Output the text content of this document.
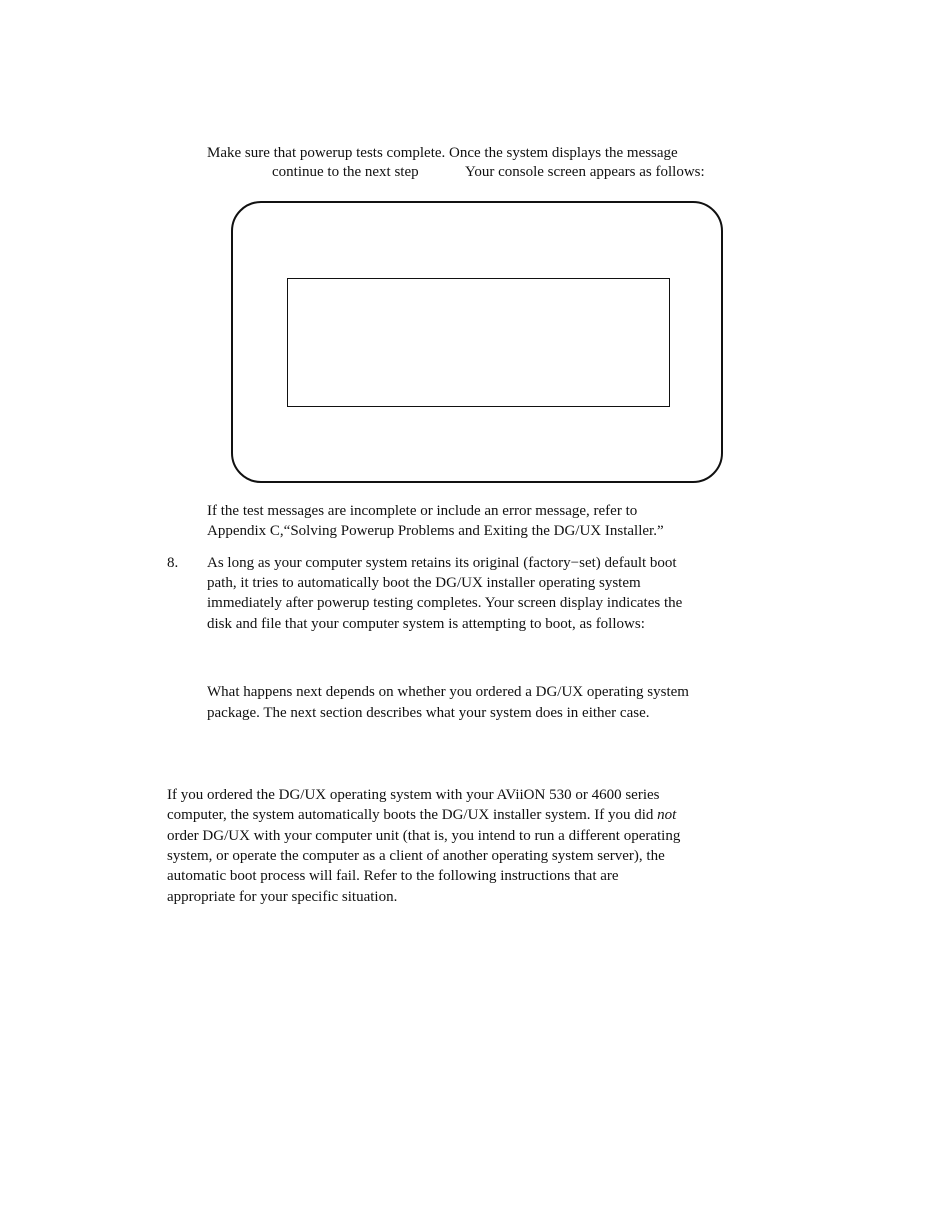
Make sure that powerup tests complete. Once the system displays the message
continue to the next step	Your console screen appears as follows:
If the test messages are incomplete or include an error message, refer to
Appendix C,“Solving Powerup Problems and Exiting the DG/UX Installer.”
8. As long as your computer system retains its original (factory−set) default boot
path, it tries to automatically boot the DG/UX installer operating system
immediately after powerup testing completes. Your screen display indicates the
disk and file that your computer system is attempting to boot, as follows:
What happens next depends on whether you ordered a DG/UX operating system
package. The next section describes what your system does in either case.
If you ordered the DG/UX operating system with your AViiON 530 or 4600 series
computer, the system automatically boots the DG/UX installer system. If you did not
order DG/UX with your computer unit (that is, you intend to run a different operating
system, or operate the computer as a client of another operating system server), the
automatic boot process will fail. Refer to the following instructions that are
appropriate for your specific situation.
